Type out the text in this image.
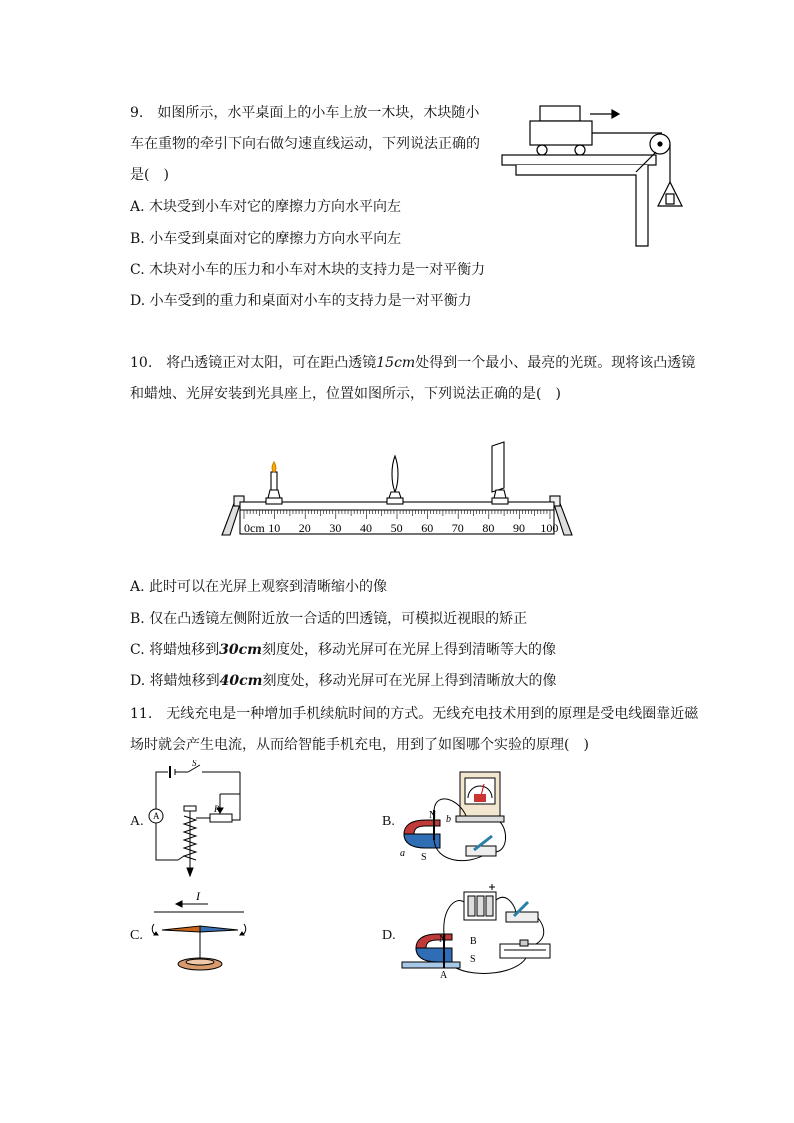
9.　如图所示，水平桌面上的小车上放一木块，木块随小
车在重物的牵引下向右做匀速直线运动，下列说法正确的
是(　)
A. 木块受到小车对它的摩擦力方向水平向左
B. 小车受到桌面对它的摩擦力方向水平向左
C. 木块对小车的压力和小车对木块的支持力是一对平衡力
D. 小车受到的重力和桌面对小车的支持力是一对平衡力
10.　将凸透镜正对太阳，可在距凸透镜15cm处得到一个最小、最亮的光斑。现将该凸透镜
和蜡烛、光屏安装到光具座上，位置如图所示，下列说法正确的是(　)
0cm 10 20 30 40 50 60 70 80 90 100
A. 此时可以在光屏上观察到清晰缩小的像
B. 仅在凸透镜左侧附近放一合适的凹透镜，可模拟近视眼的矫正
C. 将蜡烛移到30cm刻度处，移动光屏可在光屏上得到清晰等大的像
D. 将蜡烛移到40cm刻度处，移动光屏可在光屏上得到清晰放大的像
11.　无线充电是一种增加手机续航时间的方式。无线充电技术用到的原理是受电线圈靠近磁
场时就会产生电流，从而给智能手机充电，用到了如图哪个实验的原理(　)
A.	B.
C.	D.
A
S
P
N
S
b
a
I
N
S
B
A
